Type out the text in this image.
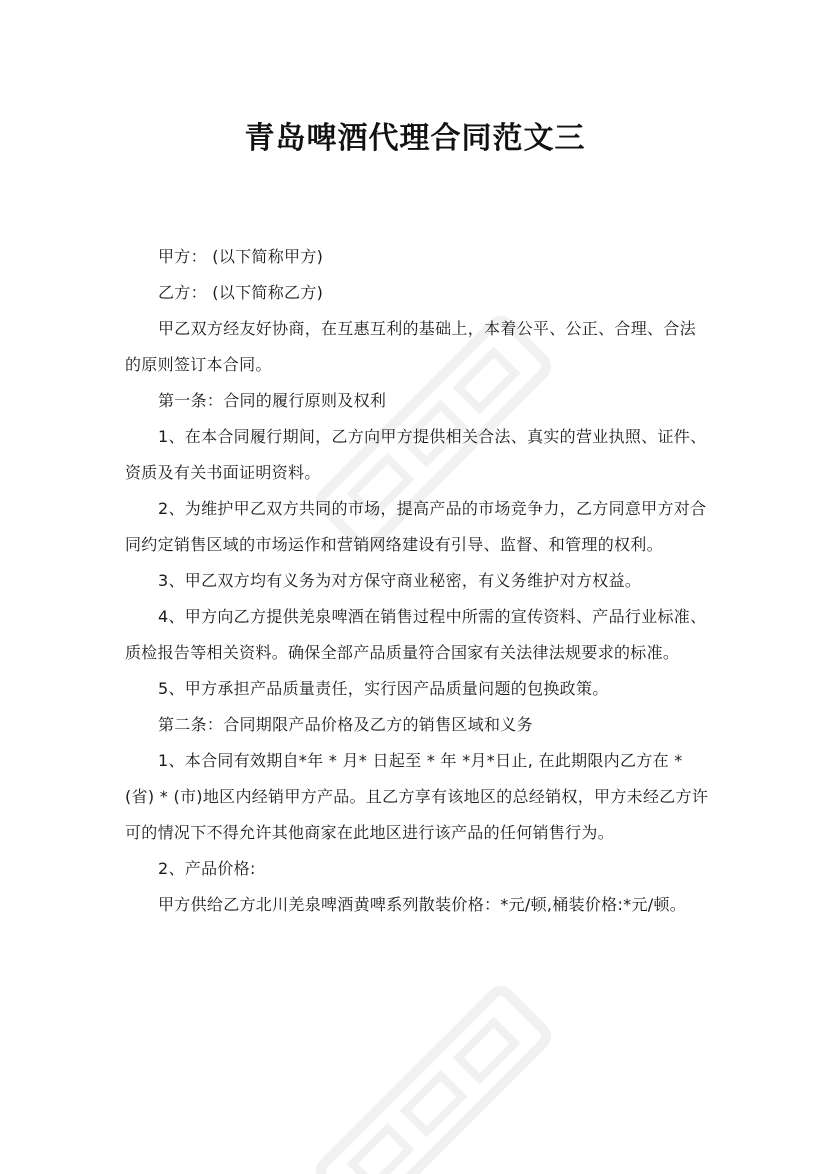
青岛啤酒代理合同范文三

甲方： (以下简称甲方)

乙方： (以下简称乙方)

甲乙双方经友好协商，在互惠互利的基础上，本着公平、公正、合理、合法的原则签订本合同。

第一条：合同的履行原则及权利

1、在本合同履行期间，乙方向甲方提供相关合法、真实的营业执照、证件、资质及有关书面证明资料。

2、为维护甲乙双方共同的市场，提高产品的市场竞争力，乙方同意甲方对合同约定销售区域的市场运作和营销网络建设有引导、监督、和管理的权利。

3、甲乙双方均有义务为对方保守商业秘密，有义务维护对方权益。

4、甲方向乙方提供羌泉啤酒在销售过程中所需的宣传资料、产品行业标准、质检报告等相关资料。确保全部产品质量符合国家有关法律法规要求的标准。

5、甲方承担产品质量责任，实行因产品质量问题的包换政策。

第二条：合同期限产品价格及乙方的销售区域和义务

1、本合同有效期自*年 * 月* 日起至 * 年 *月*日止, 在此期限内乙方在 *(省) * (市)地区内经销甲方产品。且乙方享有该地区的总经销权，甲方未经乙方许可的情况下不得允许其他商家在此地区进行该产品的任何销售行为。

2、产品价格:

甲方供给乙方北川羌泉啤酒黄啤系列散装价格：*元/顿,桶装价格:*元/顿。
